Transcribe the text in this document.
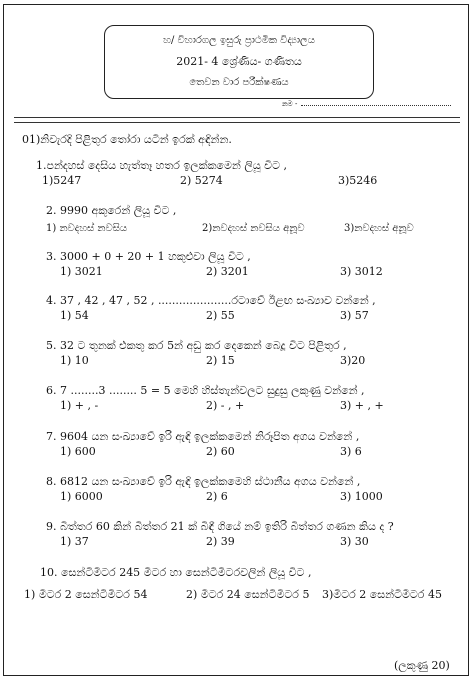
හ/ විහාරගල ඉසුරු ප්‍රාථමික විද්‍යාලය
2021- 4 ශ්‍රේණිය- ගණිතය
තෙවන වාර පරීක්ෂණය
නම -
01)නිවැරදි පිළිතුර තෝරා යටින් ඉරක් අඳින්න.
1.පන්දහස් දෙසිය හැත්තෑ හතර ඉලක්කමෙන් ලියූ විට ,
1)5247	2) 5274	3)5246
2. 9990 අකුරෙන් ලියූ විට ,
1) නවදහස් නවසිය	2)නවදහස් නවසිය අනූව	3)නවදහස් අනූව
3. 3000 + 0 + 20 + 1 හකුළුවා ලියූ විට ,
1) 3021	2) 3201	3) 3012
4. 37 , 42 , 47 , 52 , .....................රටාවේ ඊළඟ සංඛ්‍යාව වන්නේ ,
1) 54	2) 55	3) 57
5. 32 ට තුනක් එකතු කර 5න් අඩු කර දෙකෙන් බෙදූ විට පිළිතුර ,
1) 10	2) 15	3)20
6. 7 ........3 ........ 5 = 5 මෙහි හිස්තැන්වලට සුදුසු ලකුණු වන්නේ ,
1) + , -	2) - , +	3) + , +
7. 9604 යන සංඛ්‍යාවේ ඉරි ඇඳි ඉලක්කමෙන් නිරූපිත අගය වන්නේ ,
1) 600	2) 60	3) 6
8. 6812 යන සංඛ්‍යාවේ ඉරි ඇඳි ඉලක්කමෙහි ස්ථානීය අගය වන්නේ ,
1) 6000	2) 6	3) 1000
9. බිත්තර 60 කින් බිත්තර 21 ක් බිඳී ගියේ නම් ඉතිරි බිත්තර ගණන කිය ද ?
1) 37	2) 39	3) 30
10. සෙන්ටිමීටර 245 මීටර හා සෙන්ටිමීටරවලින් ලියූ විට ,
1) මීටර 2 සෙන්ටිමීටර 54	2) මීටර 24 සෙන්ටිමීටර 5 3)මීටර 2 සෙන්ටිමීටර 45
(ලකුණු 20)
